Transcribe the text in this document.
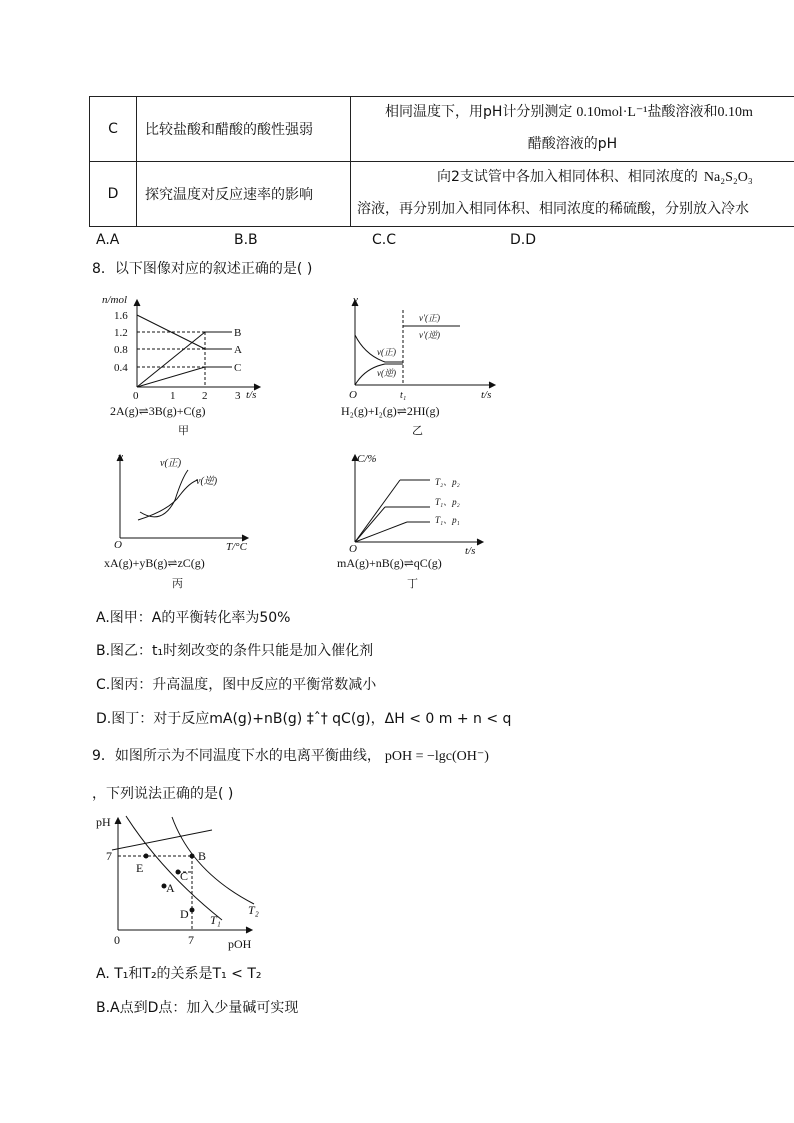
C	比较盐酸和醋酸的酸性强弱	相同温度下，用pH计分别测定 0.10mol·L⁻¹盐酸溶液和0.10m
醋酸溶液的pH

D	探究温度对反应速率的影响	向2支试管中各加入相同体积、相同浓度的 Na₂S₂O₃
溶液，再分别加入相同体积、相同浓度的稀硫酸，分别放入冷水
A.A	B.B	C.C	D.D
8．以下图像对应的叙述正确的是( )
n/mol
1.6
1.2
0.8
0.4
0	1 2	3 t/s
B
A
C
2A(g)⇌3B(g)+C(g)
甲
v
O	t₁	t/s
v(正)
v(逆)
v′(正)
v′(逆)
H₂(g)+I₂(g)⇌2HI(g)
乙
v
O	T/°C
v(正)
v(逆)
xA(g)+yB(g)⇌zC(g)
丙
C/%
O	t/s
T₂、p₂
T₁、p₂
T₁、p₁
mA(g)+nB(g)⇌qC(g)
丁
A.图甲：A的平衡转化率为50%
B.图乙：t₁时刻改变的条件只能是加入催化剂
C.图丙：升高温度，图中反应的平衡常数减小
D.图丁：对于反应mA(g)+nB(g) ‡ˆ† qC(g)，ΔH < 0 m + n < q
9．如图所示为不同温度下水的电离平衡曲线， pOH = −lgc(OH⁻)
，下列说法正确的是( )
pH
7
0	7	pOH
E
A
C
B
D T₁
T₂
A. T₁和T₂的关系是T₁ < T₂
B.A点到D点：加入少量碱可实现
